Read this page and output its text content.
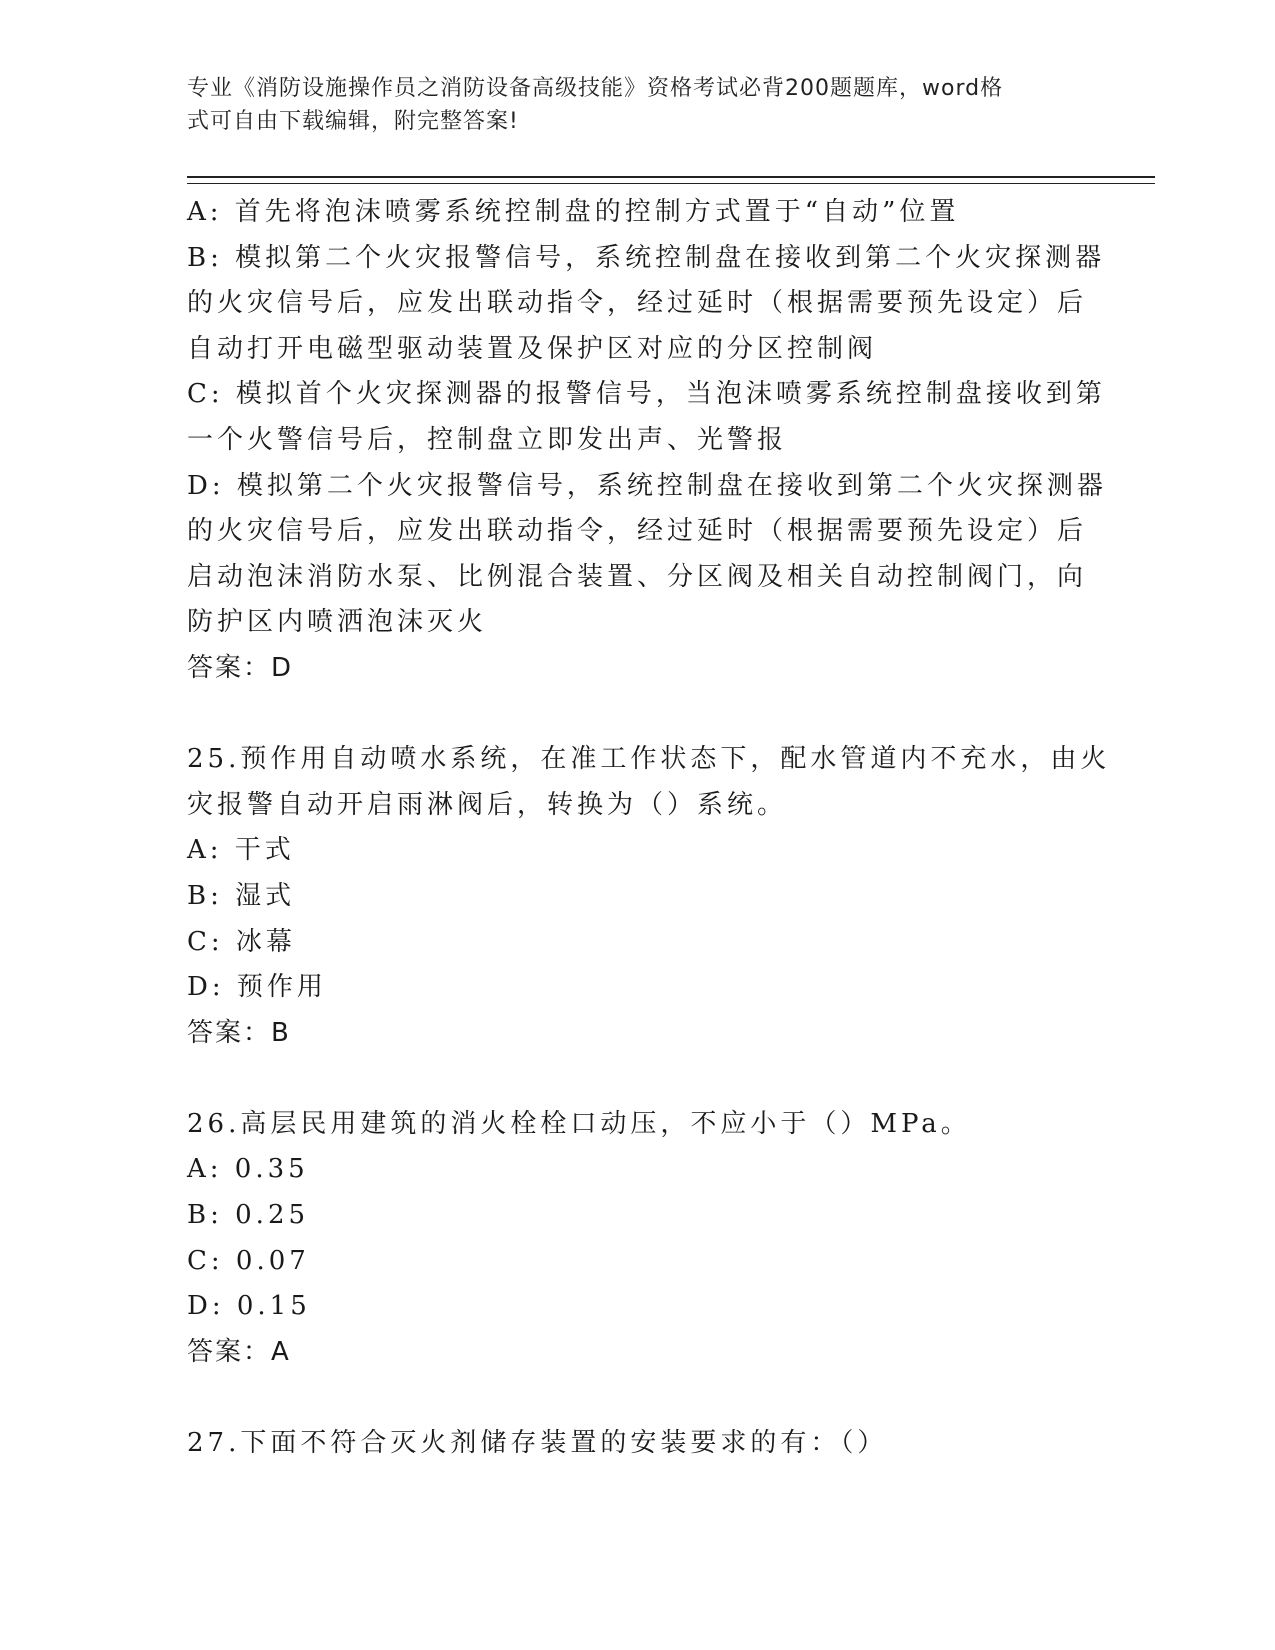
专业《消防设施操作员之消防设备高级技能》资格考试必背200题题库，word格
式可自由下载编辑，附完整答案!
A: 首先将泡沫喷雾系统控制盘的控制方式置于“自动”位置
B: 模拟第二个火灾报警信号，系统控制盘在接收到第二个火灾探测器
的火灾信号后，应发出联动指令，经过延时（根据需要预先设定）后
自动打开电磁型驱动装置及保护区对应的分区控制阀
C: 模拟首个火灾探测器的报警信号，当泡沫喷雾系统控制盘接收到第
一个火警信号后，控制盘立即发出声、光警报
D: 模拟第二个火灾报警信号，系统控制盘在接收到第二个火灾探测器
的火灾信号后，应发出联动指令，经过延时（根据需要预先设定）后
启动泡沫消防水泵、比例混合装置、分区阀及相关自动控制阀门，向
防护区内喷洒泡沫灭火
答案：D
25.预作用自动喷水系统，在准工作状态下，配水管道内不充水，由火
灾报警自动开启雨淋阀后，转换为（）系统。
A: 干式
B: 湿式
C: 冰幕
D: 预作用
答案：B
26.高层民用建筑的消火栓栓口动压，不应小于（）MPa。
A: 0.35
B: 0.25
C: 0.07
D: 0.15
答案：A
27.下面不符合灭火剂储存装置的安装要求的有：（）
